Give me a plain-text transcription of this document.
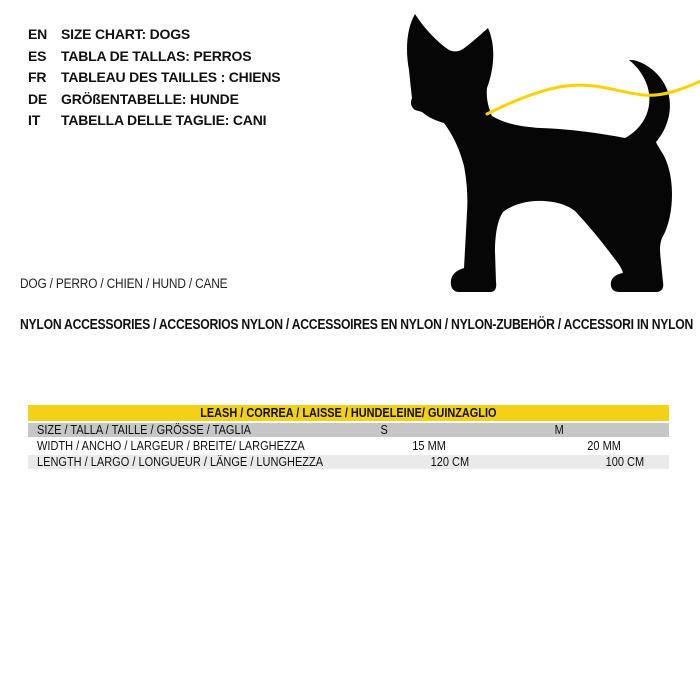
EN SIZE CHART: DOGS
ES	TABLA DE TALLAS: PERROS
FR	TABLEAU DES TAILLES : CHIENS
DE GRÖßENTABELLE: HUNDE
IT	TABELLA DELLE TAGLIE: CANI
DOG / PERRO / CHIEN / HUND / CANE
NYLON ACCESSORIES / ACCESORIOS NYLON / ACCESSOIRES EN NYLON / NYLON-ZUBEHÖR / ACCESSORI IN NYLON
LEASH / CORREA / LAISSE / HUNDELEINE/ GUINZAGLIO
SIZE / TALLA / TAILLE / GRÖSSE / TAGLIA	S	M
WIDTH / ANCHO / LARGEUR / BREITE/ LARGHEZZA	15 MM	20 MM
LENGTH / LARGO / LONGUEUR / LÄNGE / LUNGHEZZA	120 CM	100 CM
